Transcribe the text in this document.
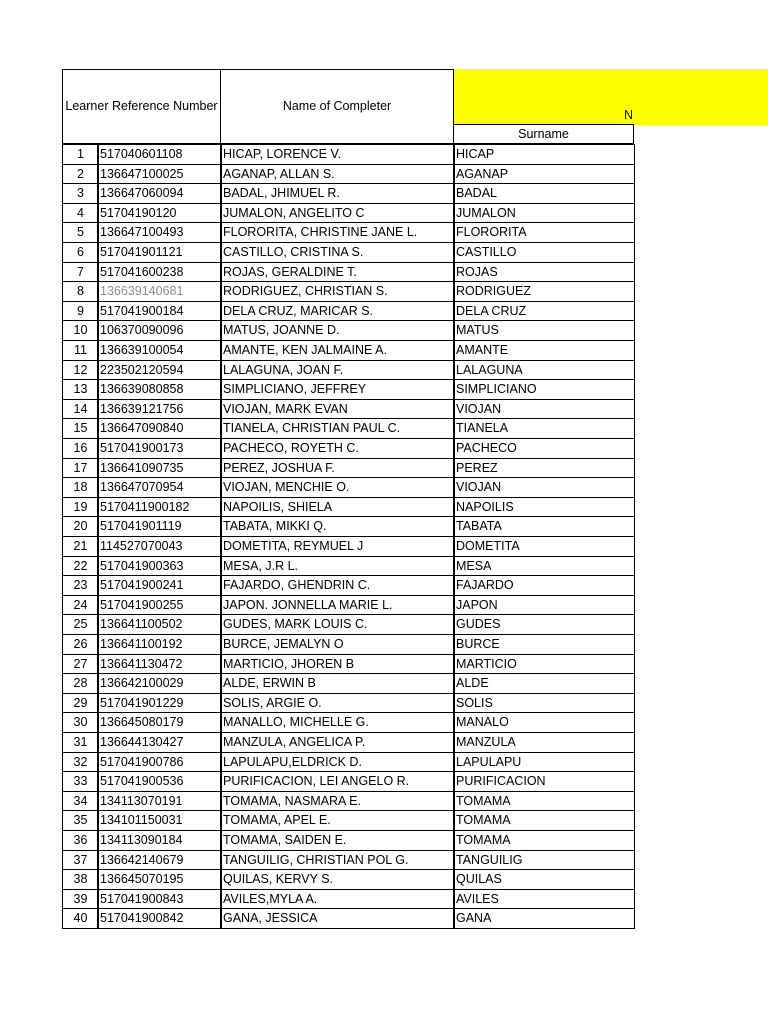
N
Learner Reference Number	Name of Completer
Surname
1	517040601108	HICAP, LORENCE V.	HICAP
2	136647100025	AGANAP, ALLAN S.	AGANAP
3	136647060094	BADAL, JHIMUEL R.	BADAL
4	51704190120	JUMALON, ANGELITO C	JUMALON
5	136647100493	FLORORITA, CHRISTINE JANE L.	FLORORITA
6	517041901121	CASTILLO, CRISTINA S.	CASTILLO
7	517041600238	ROJAS, GERALDINE T.	ROJAS
8	136639140681	RODRIGUEZ, CHRISTIAN S.	RODRIGUEZ
9	517041900184	DELA CRUZ, MARICAR S.	DELA CRUZ
10	106370090096	MATUS, JOANNE D.	MATUS
11	136639100054	AMANTE, KEN JALMAINE A.	AMANTE
12	223502120594	LALAGUNA, JOAN F.	LALAGUNA
13	136639080858	SIMPLICIANO, JEFFREY	SIMPLICIANO
14	136639121756	VIOJAN, MARK EVAN	VIOJAN
15	136647090840	TIANELA, CHRISTIAN PAUL C.	TIANELA
16	517041900173	PACHECO, ROYETH C.	PACHECO
17	136641090735	PEREZ, JOSHUA F.	PEREZ
18	136647070954	VIOJAN, MENCHIE O.	VIOJAN
19	5170411900182	NAPOILIS, SHIELA	NAPOILIS
20	517041901119	TABATA, MIKKI Q.	TABATA
21	114527070043	DOMETITA, REYMUEL J	DOMETITA
22	517041900363	MESA, J.R L.	MESA
23	517041900241	FAJARDO, GHENDRIN C.	FAJARDO
24	517041900255	JAPON. JONNELLA MARIE L.	JAPON
25	136641100502	GUDES, MARK LOUIS C.	GUDES
26	136641100192	BURCE, JEMALYN O	BURCE
27	136641130472	MARTICIO, JHOREN B	MARTICIO
28	136642100029	ALDE, ERWIN B	ALDE
29	517041901229	SOLIS, ARGIE O.	SOLIS
30	136645080179	MANALLO, MICHELLE G.	MANALO
31	136644130427	MANZULA, ANGELICA P.	MANZULA
32	517041900786	LAPULAPU,ELDRICK D.	LAPULAPU
33	517041900536	PURIFICACION, LEI ANGELO R.	PURIFICACION
34	134113070191	TOMAMA, NASMARA E.	TOMAMA
35	134101150031	TOMAMA, APEL E.	TOMAMA
36	134113090184	TOMAMA, SAIDEN E.	TOMAMA
37	136642140679	TANGUILIG, CHRISTIAN POL G.	TANGUILIG
38	136645070195	QUILAS, KERVY S.	QUILAS
39	517041900843	AVILES,MYLA A.	AVILES
40	517041900842	GANA, JESSICA	GANA
